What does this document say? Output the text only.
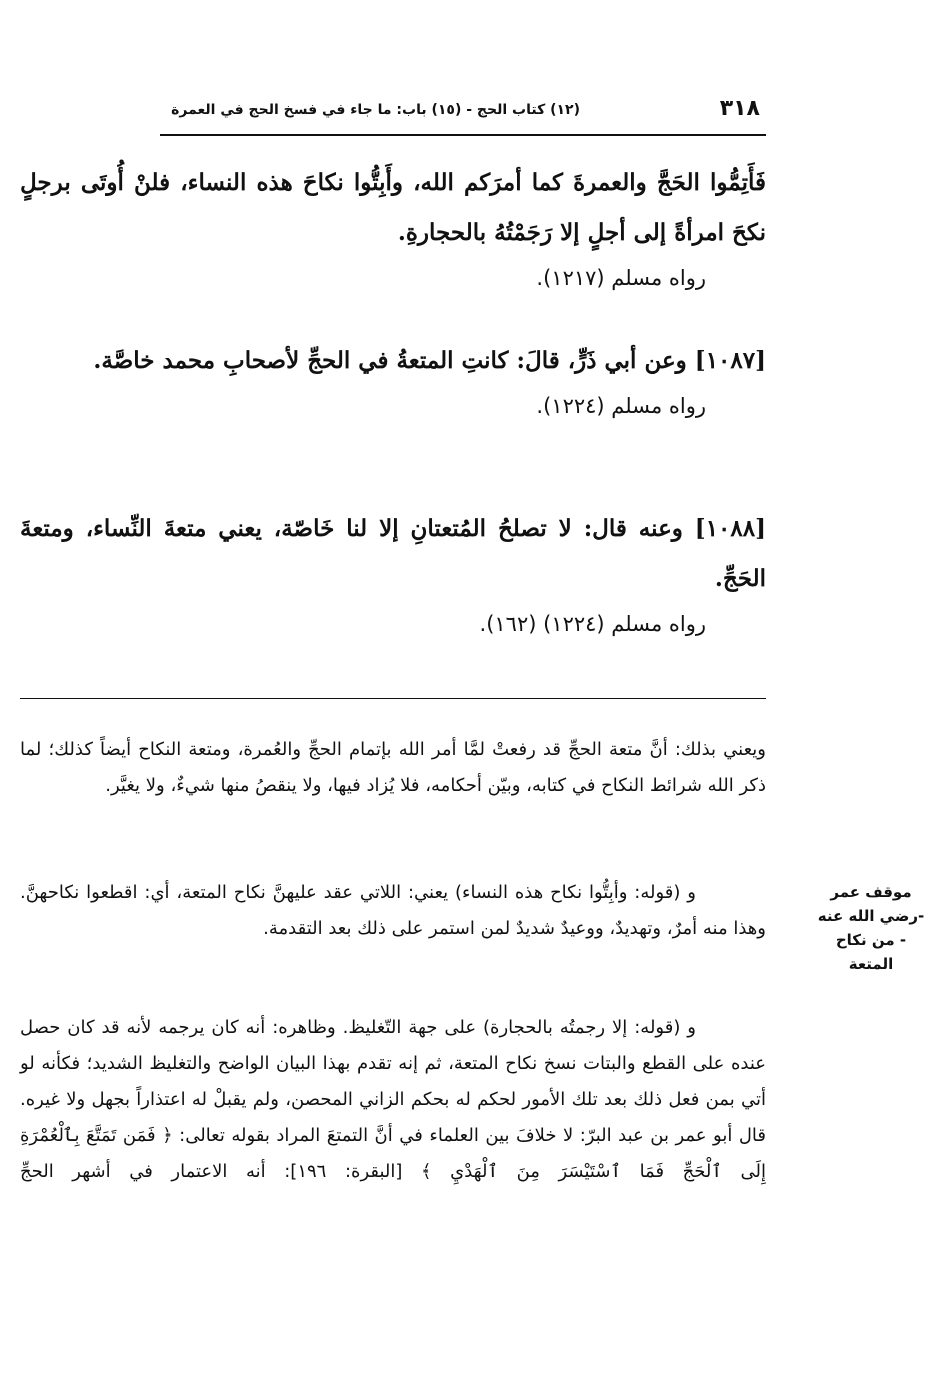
٣١٨
(١٢) كتاب الحج - (١٥) باب: ما جاء في فسخ الحج في العمرة

فَأَتِمُّوا الحَجَّ والعمرةَ كما أمرَكم الله، وأَبِتُّوا نكاحَ هذه النساء، فلنْ أُوتَى برجلٍ نكحَ امرأةً إلى أجلٍ إلا رَجَمْتُهُ بالحجارةِ.

رواه مسلم (١٢١٧).

[١٠٨٧] وعن أبي ذَرٍّ، قالَ: كانتِ المتعةُ في الحجِّ لأصحابِ محمد خاصَّة.

رواه مسلم (١٢٢٤).

[١٠٨٨] وعنه قال: لا تصلحُ المُتعتانِ إلا لنا خَاصّة، يعني متعةَ النِّساء، ومتعةَ الحَجِّ.

رواه مسلم (١٢٢٤) (١٦٢).

ويعني بذلك: أنَّ متعة الحجِّ قد رفعتْ لمَّا أمر الله بإتمام الحجِّ والعُمرة، ومتعة النكاح أيضاً كذلك؛ لما ذكر الله شرائط النكاح في كتابه، وبيّن أحكامه، فلا يُزاد فيها، ولا ينقصُ منها شيءٌ، ولا يغيَّر.

و (قوله: وأبِتُّوا نكاح هذه النساء) يعني: اللاتي عقد عليهنَّ نكاح المتعة، أي: اقطعوا نكاحهنَّ. وهذا منه أمرٌ، وتهديدٌ، ووعيدٌ شديدٌ لمن استمر على ذلك بعد التقدمة.

و (قوله: إلا رجمتُه بالحجارة) على جهة التّغليظ. وظاهره: أنه كان يرجمه لأنه قد كان حصل عنده على القطع والبتات نسخ نكاح المتعة، ثم إنه تقدم بهذا البيان الواضح والتغليظ الشديد؛ فكأنه لو أتي بمن فعل ذلك بعد تلك الأمور لحكم له بحكم الزاني المحصن، ولم يقبلْ له اعتذاراً بجهل ولا غيره. قال أبو عمر بن عبد البرّ: لا خلافَ بين العلماء في أنَّ التمتعَ المراد بقوله تعالى: ﴿ فَمَن تَمَتَّعَ بِٱلْعُمْرَةِ إِلَى ٱلْحَجِّ فَمَا ٱسْتَيْسَرَ مِنَ ٱلْهَدْيِ ﴾ [البقرة: ١٩٦]: أنه الاعتمار في أشهر الحجِّ

موقف عمر -رضي الله عنه - من نكاح المتعة
